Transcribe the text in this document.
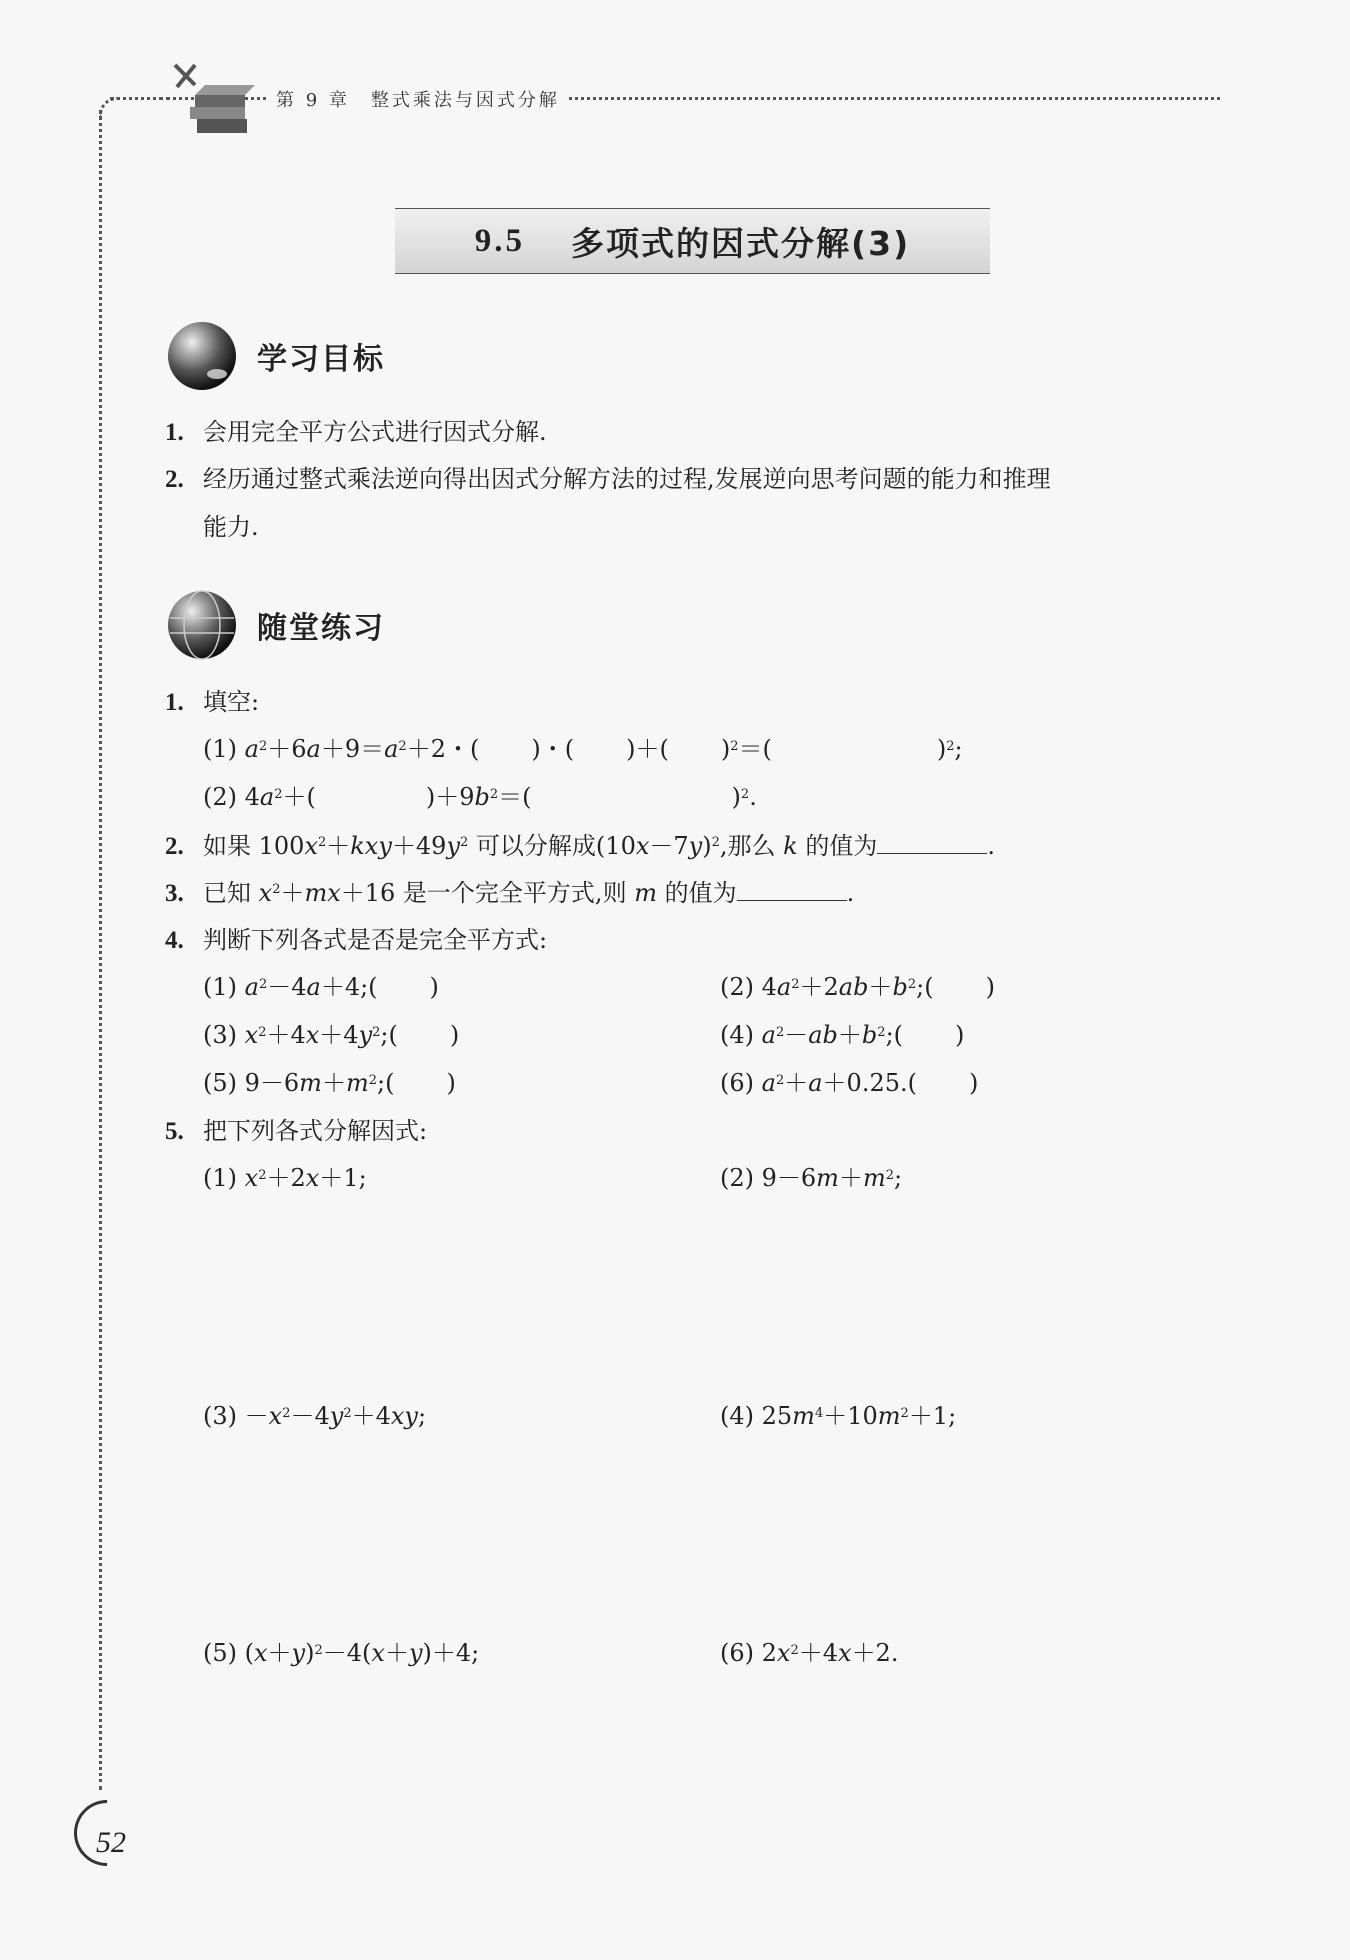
第 9 章　整式乘法与因式分解
9.5 多项式的因式分解(3)
学习目标
1. 会用完全平方公式进行因式分解.
2. 经历通过整式乘法逆向得出因式分解方法的过程,发展逆向思考问题的能力和推理
能力.
随堂练习
1. 填空:
(1) $a^2+6a+9=a^2+2$・( )・( )＋( )$^2$＝(	)$^2$;
(2) $4a^2+$(	)$+9b^2=$(	)$^2$.
2. 如果 $100x^2+kxy+49y^2$ 可以分解成$(10x-7y)^2$,那么 k 的值为	.
3. 已知 $x^2+mx+16$ 是一个完全平方式,则 m 的值为	.
4. 判断下列各式是否是完全平方式:
(1) $a^2-4a+4$;( )	(2) $4a^2+2ab+b^2$;( )
(3) $x^2+4x+4y^2$;( )	(4) $a^2-ab+b^2$;( )
(5) $9-6m+m^2$;( )	(6) $a^2+a+0.25$.( )
5. 把下列各式分解因式:
(1) $x^2+2x+1$;	(2) $9-6m+m^2$;
$(3) -x^2-4y^2+4xy$;	(4) $25m^4+10m^2+1$;
(5) $(x+y)^2-4(x+y)+4$;	(6) $2x^2+4x+2$.
52
